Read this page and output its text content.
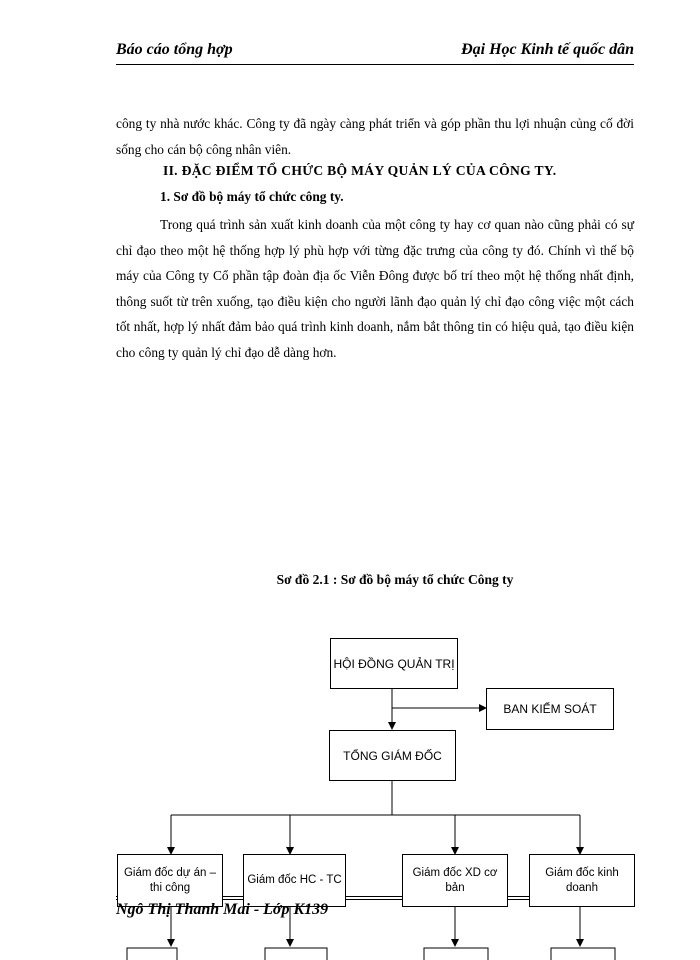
Báo cáo tổng hợp	Đại Học Kinh tế quốc dân
công ty nhà nước khác. Công ty đã ngày càng phát triển và góp phần thu lợi nhuận củng cố đời sống cho cán bộ công nhân viên.
II. ĐẶC ĐIỂM TỔ CHỨC BỘ MÁY QUẢN LÝ CỦA CÔNG TY.
1. Sơ đồ bộ máy tổ chức công ty.
Trong quá trình sản xuất kinh doanh của một công ty hay cơ quan nào cũng phải có sự chỉ đạo theo một hệ thống hợp lý phù hợp với từng đặc trưng của công ty đó. Chính vì thế bộ máy của Công ty Cổ phần tập đoàn địa ốc Viễn Đông được bố trí theo một hệ thống nhất định, thông suốt từ trên xuống, tạo điều kiện cho người lãnh đạo quản lý chỉ đạo công việc một cách tốt nhất, hợp lý nhất đảm bảo quá trình kinh doanh, nắm bắt thông tin có hiệu quả, tạo điều kiện cho công ty quản lý chỉ đạo dễ dàng hơn.
Sơ đồ 2.1 : Sơ đồ bộ máy tổ chức Công ty
HỘI ĐỒNG QUẢN TRỊ
BAN KIỂM SOÁT
TỔNG GIÁM ĐỐC
Giám đốc dự án – thi công
Giám đốc HC - TC
Giám đốc XD cơ bản
Giám đốc kinh doanh
Ngô Thị Thanh Mai - Lớp K139
